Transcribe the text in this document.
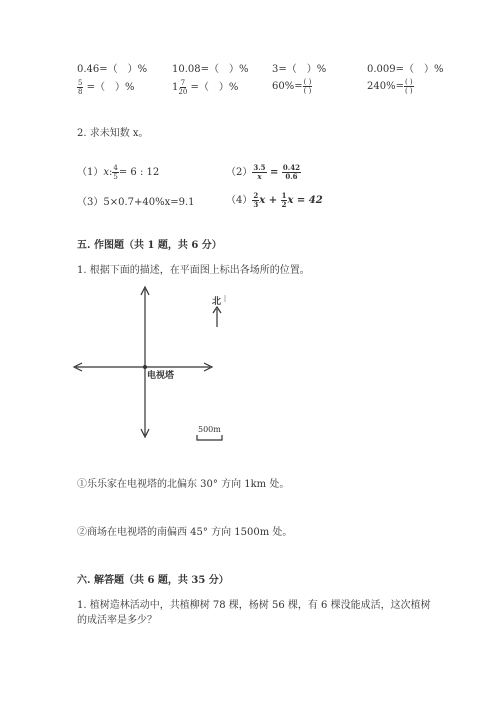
0.46=（　）% 10.08=（　）% 3=（　）%	0.009=（　）%
$\frac{5}{8}$ =（　）%	$1 \frac{7}{20}$ =（　）%	$60\%= \frac{( )}{( )}$	$240\%= \frac{( )}{( )}$
2. 求未知数 x。
（1）x: $\frac{4}{5} = 6$ : 12	$(2) \frac{3.5}{x} = \frac{0.42}{0.6}$
（3）5×0.7+40%x=9.1	$(4) \frac{2}{3}$ $x + \frac{1}{2}$ x = 42
五. 作图题（共 1 题，共 6 分）
1. 根据下面的描述，在平面图上标出各场所的位置。
电视塔
北
500m
①乐乐家在电视塔的北偏东 30° 方向 1km 处。
②商场在电视塔的南偏西 45° 方向 1500m 处。
六. 解答题（共 6 题，共 35 分）
1. 植树造林活动中，共植柳树 78 棵，杨树 56 棵，有 6 棵没能成活，这次植树
的成活率是多少？
